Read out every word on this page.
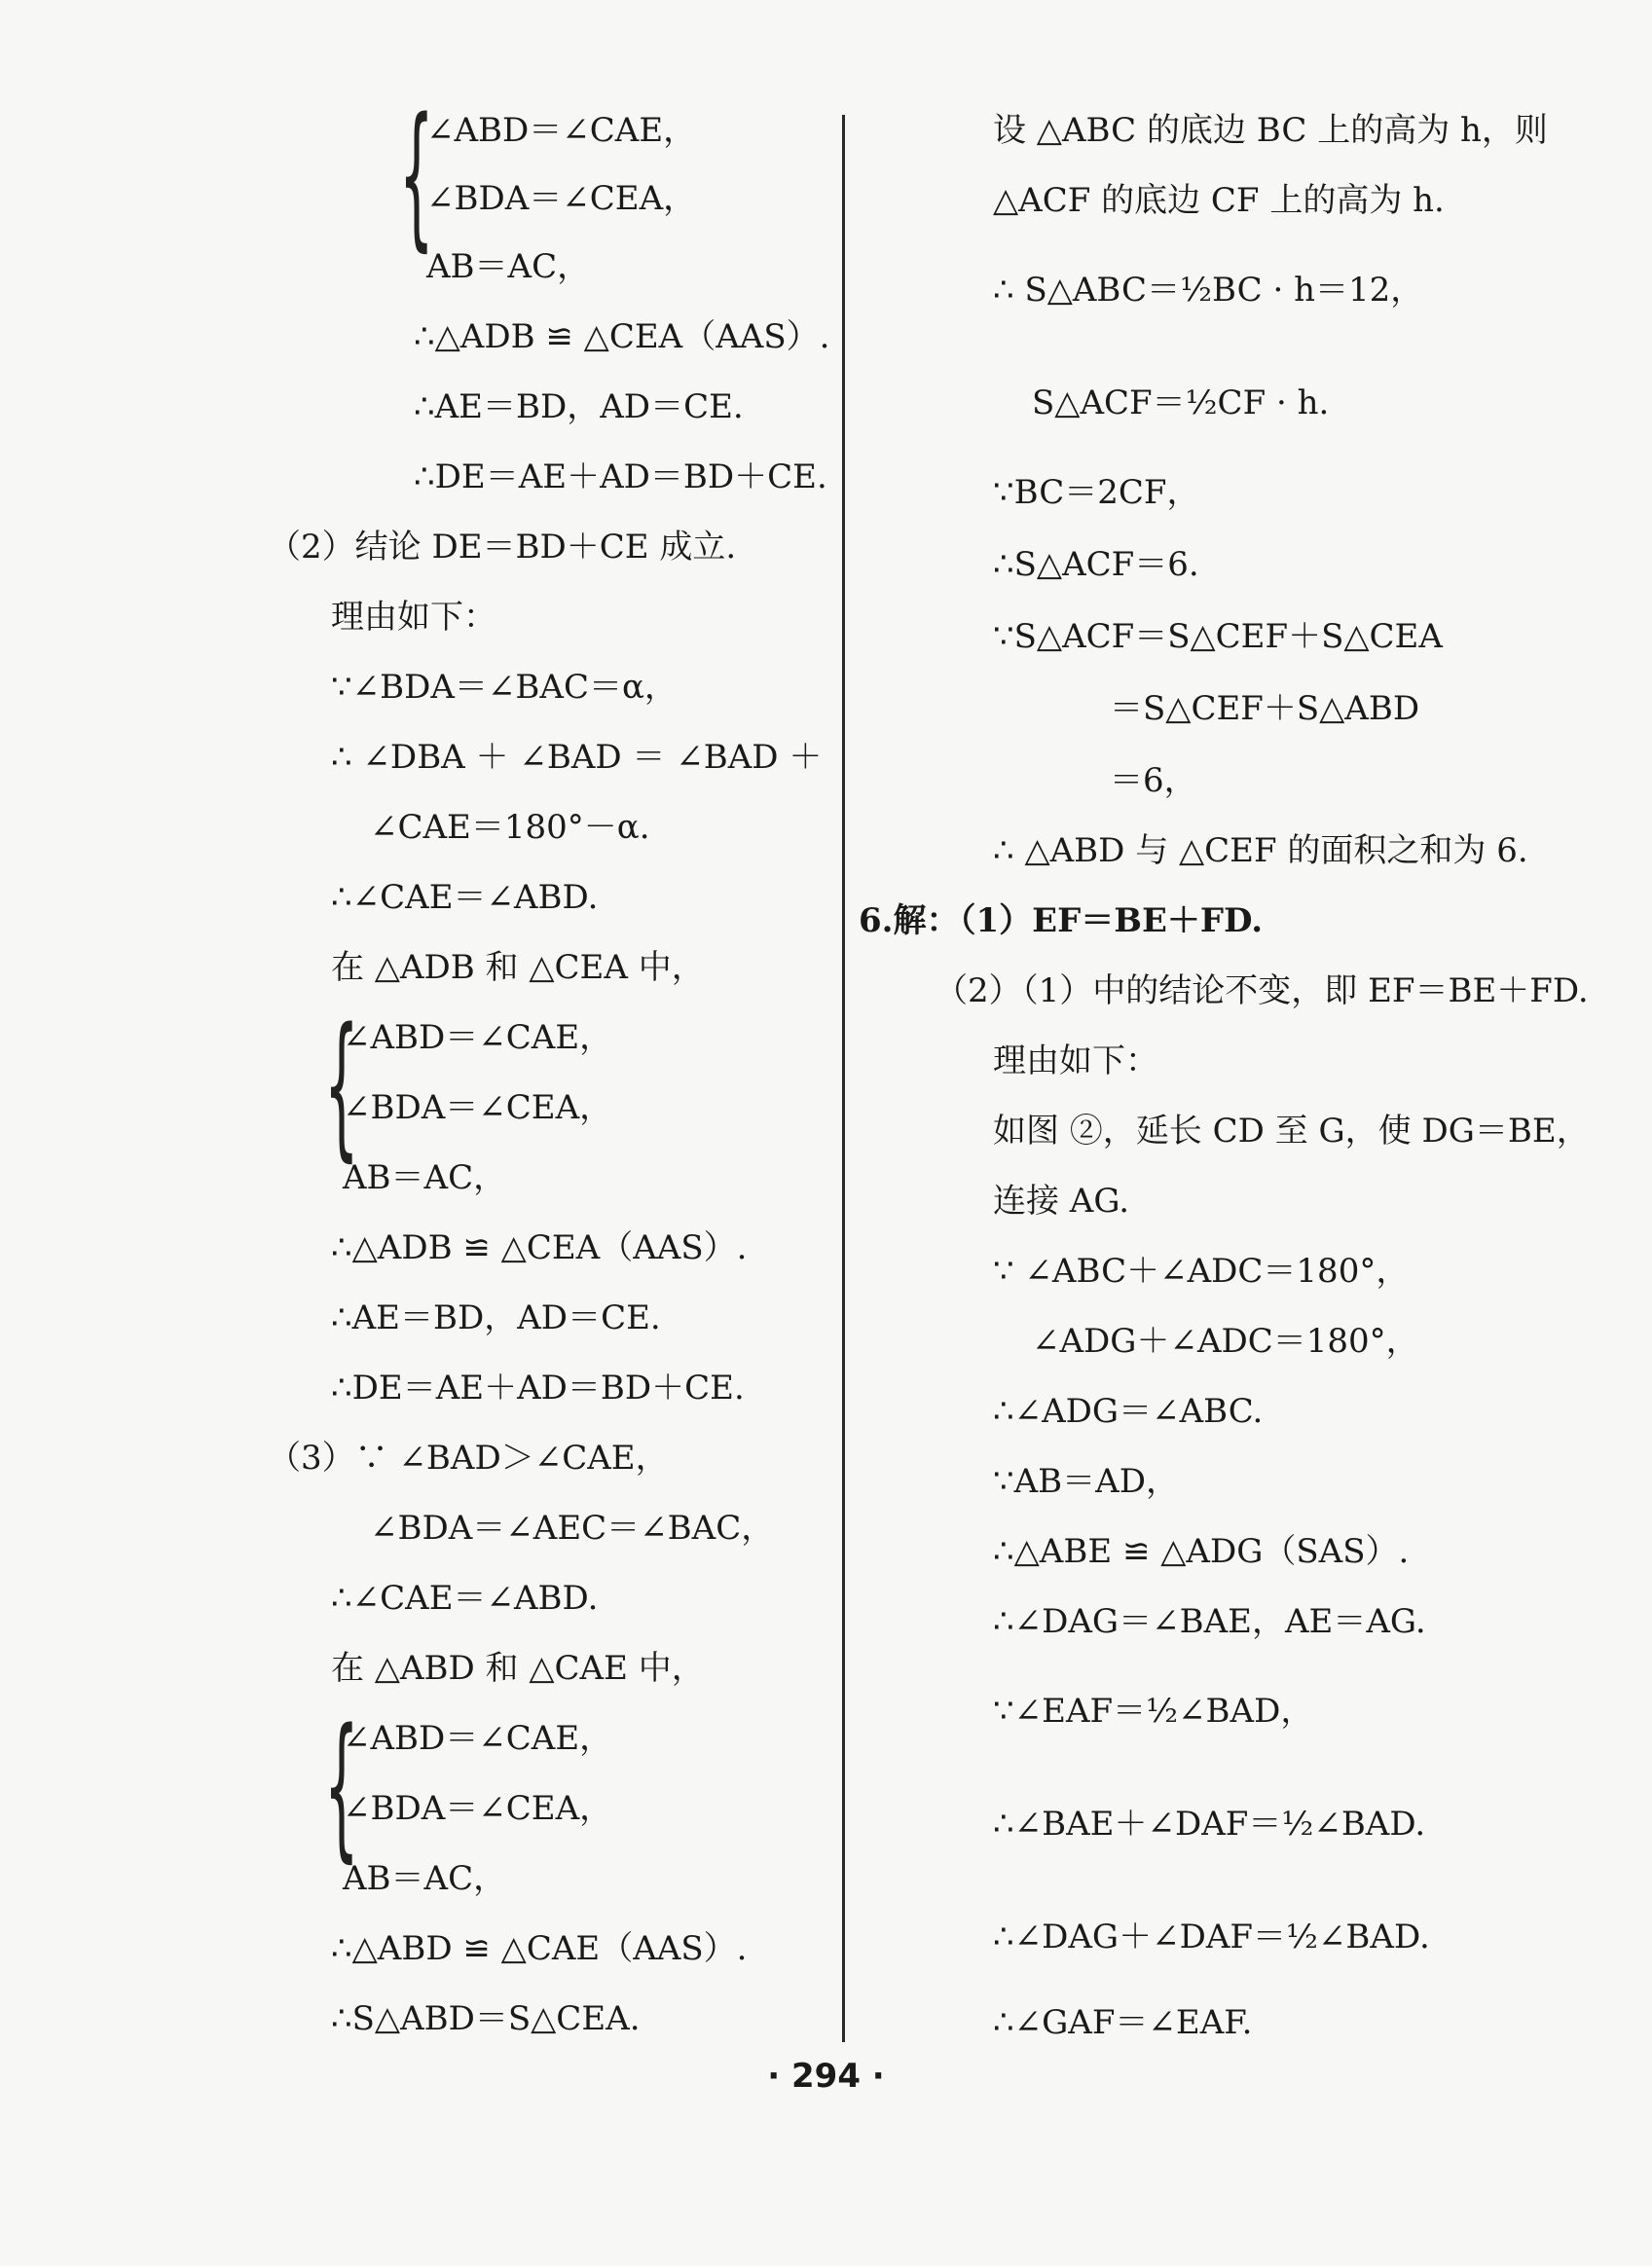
{
∠ABD＝∠CAE，
∠BDA＝∠CEA，
AB＝AC，
∴△ADB ≌ △CEA（AAS）.
∴AE＝BD，AD＝CE.
∴DE＝AE＋AD＝BD＋CE.
（2）结论 DE＝BD＋CE 成立.
理由如下：
∵∠BDA＝∠BAC＝α，
∴ ∠DBA ＋ ∠BAD ＝ ∠BAD ＋
∠CAE＝180°－α.
∴∠CAE＝∠ABD.
在 △ADB 和 △CEA 中，
{
∠ABD＝∠CAE，
∠BDA＝∠CEA，
AB＝AC，
∴△ADB ≌ △CEA（AAS）.
∴AE＝BD，AD＝CE.
∴DE＝AE＋AD＝BD＋CE.
（3）∵ ∠BAD＞∠CAE，
∠BDA＝∠AEC＝∠BAC，
∴∠CAE＝∠ABD.
在 △ABD 和 △CAE 中，
{
∠ABD＝∠CAE，
∠BDA＝∠CEA，
AB＝AC，
∴△ABD ≌ △CAE（AAS）.
∴S△ABD＝S△CEA.
设 △ABC 的底边 BC 上的高为 h，则
△ACF 的底边 CF 上的高为 h.
∴ S△ABC＝½BC · h＝12，
S△ACF＝½CF · h.
∵BC＝2CF，
∴S△ACF＝6.
∵S△ACF＝S△CEF＋S△CEA
＝S△CEF＋S△ABD
＝6，
∴ △ABD 与 △CEF 的面积之和为 6.
6.解：（1）EF＝BE＋FD.
（2）（1）中的结论不变，即 EF＝BE＋FD.
理由如下：
如图 ②，延长 CD 至 G，使 DG＝BE，
连接 AG.
∵ ∠ABC＋∠ADC＝180°，
∠ADG＋∠ADC＝180°，
∴∠ADG＝∠ABC.
∵AB＝AD，
∴△ABE ≌ △ADG（SAS）.
∴∠DAG＝∠BAE，AE＝AG.
∵∠EAF＝½∠BAD，
∴∠BAE＋∠DAF＝½∠BAD.
∴∠DAG＋∠DAF＝½∠BAD.
∴∠GAF＝∠EAF.
· 294 ·
